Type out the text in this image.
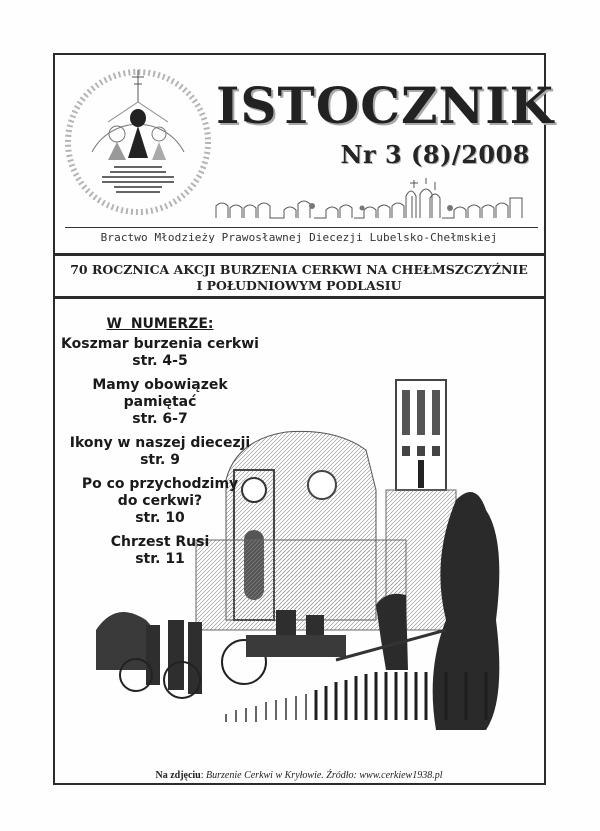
ISTOCZNIK
Nr 3 (8)/2008
Bractwo Młodzieży Prawosławnej Diecezji Lubelsko-Chełmskiej
70 ROCZNICA AKCJI BURZENIA CERKWI NA CHEŁMSZCZYŹNIE
I POŁUDNIOWYM PODLASIU
W NUMERZE:
Koszmar burzenia cerkwi
str. 4-5
Mamy obowiązek pamiętać
str. 6-7
Ikony w naszej diecezji
str. 9
Po co przychodzimy
do cerkwi?
str. 10
Chrzest Rusi
str. 11
Na zdjęciu: Burzenie Cerkwi w Kryłowie. Źródło: www.cerkiew1938.pl
